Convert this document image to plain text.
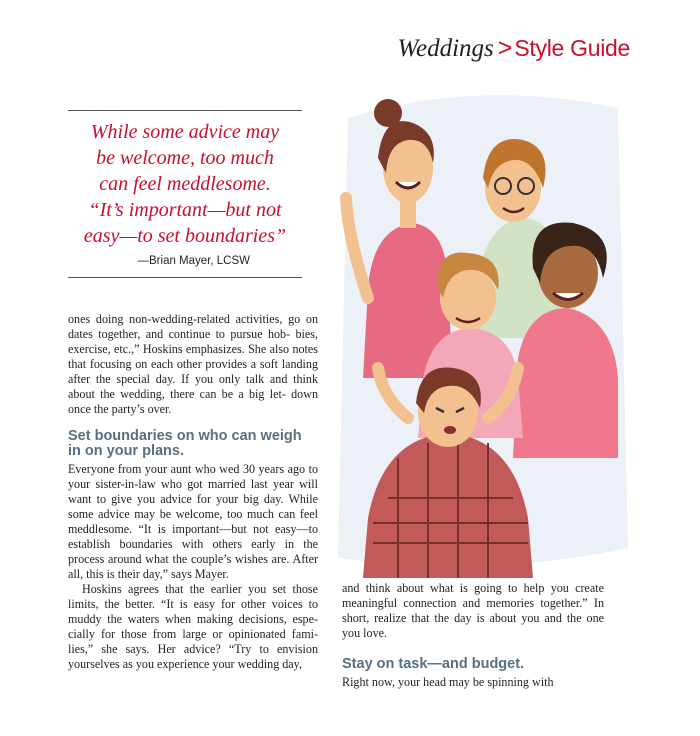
Weddings >Style Guide
While some advice may
be welcome, too much
can feel meddlesome.
“It’s important—but not
easy—to set boundaries”
—Brian Mayer, LCSW

ones doing non-wedding-related activities, go on dates together, and continue to pursue hob- bies, exercise, etc.,” Hoskins emphasizes. She also notes that focusing on each other provides a soft landing after the special day. If you only talk and think about the wedding, there can be a big let- down once the party’s over.

Set boundaries on who can weigh in on your plans.

Everyone from your aunt who wed 30 years ago to your sister-in-law who got married last year will want to give you advice for your big day. While some advice may be welcome, too much can feel meddlesome. “It is important—but not easy—to establish boundaries with others early in the process around what the couple’s wishes are. After all, this is their day,” says Mayer.

Hoskins agrees that the earlier you set those limits, the better. “It is easy for other voices to muddy the waters when making decisions, espe- cially for those from large or opinionated fami- lies,” she says. Her advice? “Try to envision yourselves as you experience your wedding day,

and think about what is going to help you create meaningful connection and memories together.” In short, realize that the day is about you and the one you love.

Stay on task—and budget.

Right now, your head may be spinning with
